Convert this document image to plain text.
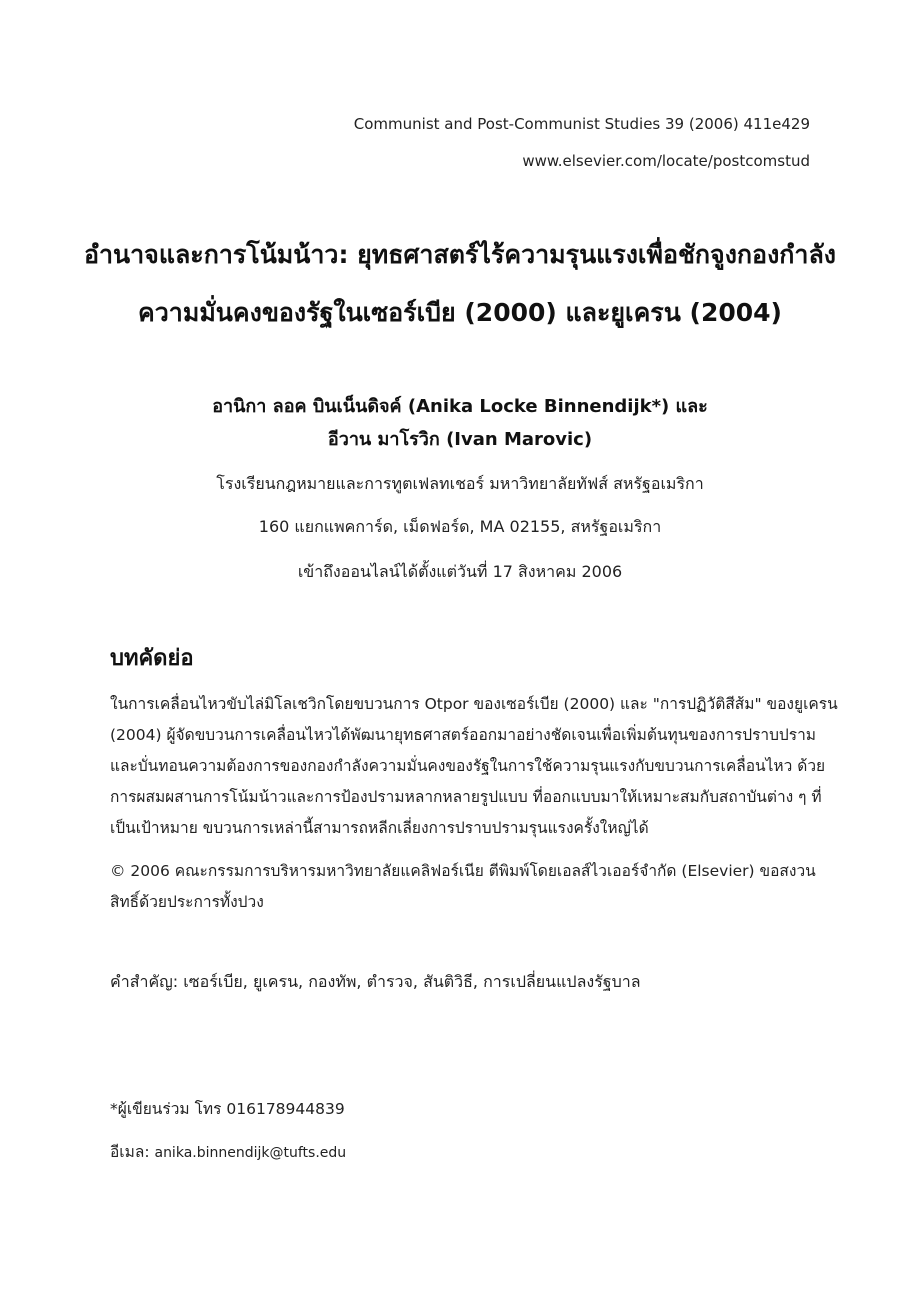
Communist and Post-Communist Studies 39 (2006) 411e429
www.elsevier.com/locate/postcomstud
อำนาจและการโน้มน้าว: ยุทธศาสตร์ไร้ความรุนแรงเพื่อชักจูงกองกำลัง
ความมั่นคงของรัฐในเซอร์เบีย (2000) และยูเครน (2004)
อานิกา ลอค บินเน็นดิจค์ (Anika Locke Binnendijk*) และ
อีวาน มาโรวิก (Ivan Marovic)
โรงเรียนกฎหมายและการทูตเฟลทเชอร์ มหาวิทยาลัยทัฟส์ สหรัฐอเมริกา
160 แยกแพคการ์ด, เม็ดฟอร์ด, MA 02155, สหรัฐอเมริกา
เข้าถึงออนไลน์ได้ตั้งแต่วันที่ 17 สิงหาคม 2006
บทคัดย่อ
ในการเคลื่อนไหวขับไล่มิโลเชวิกโดยขบวนการ Otpor ของเซอร์เบีย (2000) และ "การปฏิวัติสีส้ม" ของยูเครน
(2004) ผู้จัดขบวนการเคลื่อนไหวได้พัฒนายุทธศาสตร์ออกมาอย่างชัดเจนเพื่อเพิ่มต้นทุนของการปราบปราม
และบั่นทอนความต้องการของกองกำลังความมั่นคงของรัฐในการใช้ความรุนแรงกับขบวนการเคลื่อนไหว ด้วย
การผสมผสานการโน้มน้าวและการป้องปรามหลากหลายรูปแบบ ที่ออกแบบมาให้เหมาะสมกับสถาบันต่าง ๆ ที่
เป็นเป้าหมาย ขบวนการเหล่านี้สามารถหลีกเลี่ยงการปราบปรามรุนแรงครั้งใหญ่ได้
© 2006 คณะกรรมการบริหารมหาวิทยาลัยแคลิฟอร์เนีย ตีพิมพ์โดยเอลส์ไวเออร์จำกัด (Elsevier) ขอสงวน
สิทธิ์ด้วยประการทั้งปวง
คำสำคัญ: เซอร์เบีย, ยูเครน, กองทัพ, ตำรวจ, สันติวิธี, การเปลี่ยนแปลงรัฐบาล
*ผู้เขียนร่วม โทร 016178944839
อีเมล: anika.binnendijk@tufts.edu
